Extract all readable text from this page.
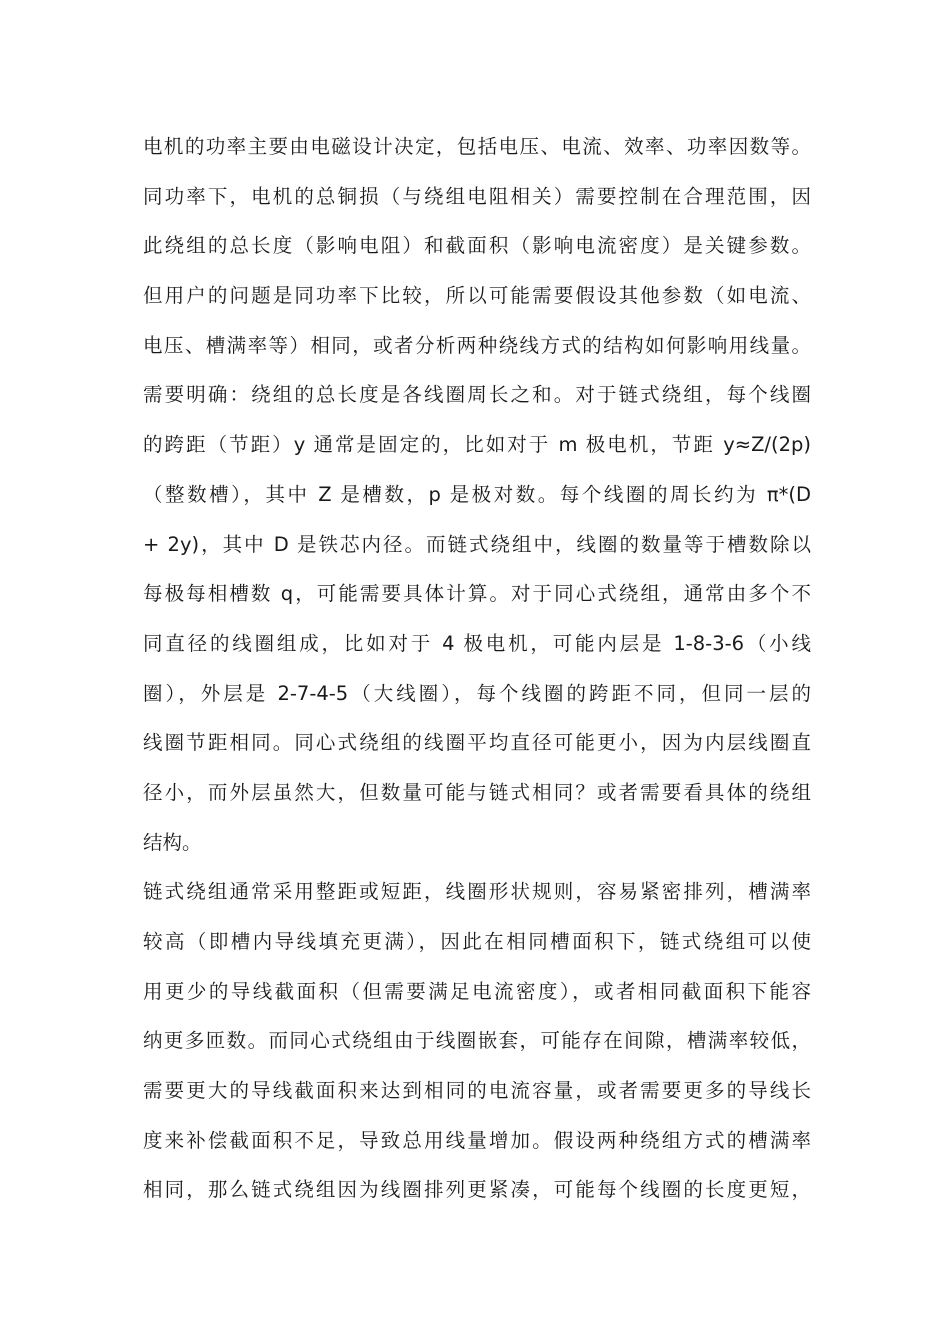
电机的功率主要由电磁设计决定，包括电压、电流、效率、功率因数等。
同功率下，电机的总铜损（与绕组电阻相关）需要控制在合理范围，因
此绕组的总长度（影响电阻）和截面积（影响电流密度）是关键参数。
但用户的问题是同功率下比较，所以可能需要假设其他参数（如电流、
电压、槽满率等）相同，或者分析两种绕线方式的结构如何影响用线量。
需要明确：绕组的总长度是各线圈周长之和。对于链式绕组，每个线圈
的跨距（节距）y 通常是固定的，比如对于 m 极电机，节距 y≈Z/(2p)
（整数槽），其中 Z 是槽数，p 是极对数。每个线圈的周长约为 π*(D
+ 2y)，其中 D 是铁芯内径。而链式绕组中，线圈的数量等于槽数除以
每极每相槽数 q，可能需要具体计算。对于同心式绕组，通常由多个不
同直径的线圈组成，比如对于 4 极电机，可能内层是 1-8-3-6（小线
圈），外层是 2-7-4-5（大线圈），每个线圈的跨距不同，但同一层的
线圈节距相同。同心式绕组的线圈平均直径可能更小，因为内层线圈直
径小，而外层虽然大，但数量可能与链式相同？或者需要看具体的绕组
结构。
链式绕组通常采用整距或短距，线圈形状规则，容易紧密排列，槽满率
较高（即槽内导线填充更满），因此在相同槽面积下，链式绕组可以使
用更少的导线截面积（但需要满足电流密度），或者相同截面积下能容
纳更多匝数。而同心式绕组由于线圈嵌套，可能存在间隙，槽满率较低，
需要更大的导线截面积来达到相同的电流容量，或者需要更多的导线长
度来补偿截面积不足，导致总用线量增加。假设两种绕组方式的槽满率
相同，那么链式绕组因为线圈排列更紧凑，可能每个线圈的长度更短，
